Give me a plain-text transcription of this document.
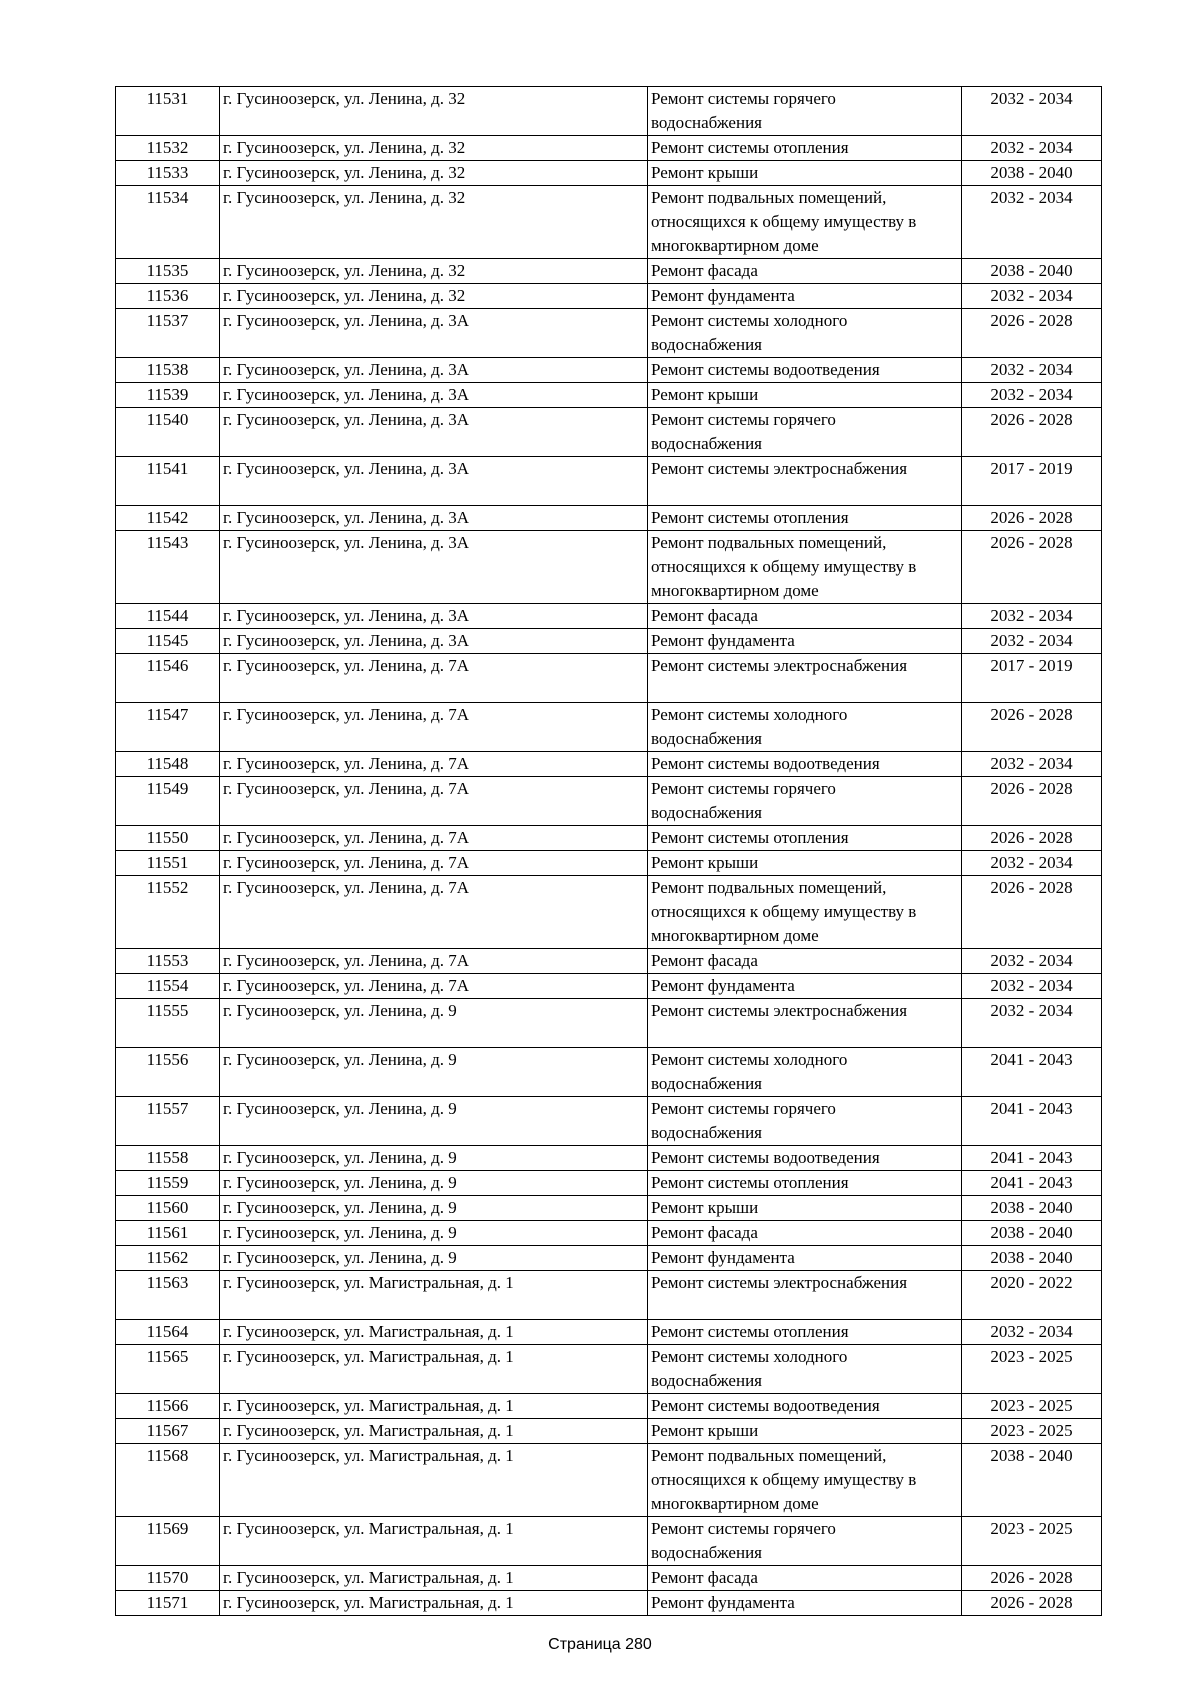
11531	г. Гусиноозерск, ул. Ленина, д. 32	Ремонт системы горячего
водоснабжения	2032 - 2034
11532	г. Гусиноозерск, ул. Ленина, д. 32	Ремонт системы отопления	2032 - 2034
11533	г. Гусиноозерск, ул. Ленина, д. 32	Ремонт крыши	2038 - 2040
11534	г. Гусиноозерск, ул. Ленина, д. 32	Ремонт подвальных помещений,
относящихся к общему имуществу в
многоквартирном доме	2032 - 2034
11535	г. Гусиноозерск, ул. Ленина, д. 32	Ремонт фасада	2038 - 2040
11536	г. Гусиноозерск, ул. Ленина, д. 32	Ремонт фундамента	2032 - 2034
11537	г. Гусиноозерск, ул. Ленина, д. 3А	Ремонт системы холодного
водоснабжения	2026 - 2028
11538	г. Гусиноозерск, ул. Ленина, д. 3А	Ремонт системы водоотведения	2032 - 2034
11539	г. Гусиноозерск, ул. Ленина, д. 3А	Ремонт крыши	2032 - 2034
11540	г. Гусиноозерск, ул. Ленина, д. 3А	Ремонт системы горячего
водоснабжения	2026 - 2028
11541	г. Гусиноозерск, ул. Ленина, д. 3А	Ремонт системы электроснабжения	2017 - 2019
11542	г. Гусиноозерск, ул. Ленина, д. 3А	Ремонт системы отопления	2026 - 2028
11543	г. Гусиноозерск, ул. Ленина, д. 3А	Ремонт подвальных помещений,
относящихся к общему имуществу в
многоквартирном доме	2026 - 2028
11544	г. Гусиноозерск, ул. Ленина, д. 3А	Ремонт фасада	2032 - 2034
11545	г. Гусиноозерск, ул. Ленина, д. 3А	Ремонт фундамента	2032 - 2034
11546	г. Гусиноозерск, ул. Ленина, д. 7А	Ремонт системы электроснабжения	2017 - 2019
11547	г. Гусиноозерск, ул. Ленина, д. 7А	Ремонт системы холодного
водоснабжения	2026 - 2028
11548	г. Гусиноозерск, ул. Ленина, д. 7А	Ремонт системы водоотведения	2032 - 2034
11549	г. Гусиноозерск, ул. Ленина, д. 7А	Ремонт системы горячего
водоснабжения	2026 - 2028
11550	г. Гусиноозерск, ул. Ленина, д. 7А	Ремонт системы отопления	2026 - 2028
11551	г. Гусиноозерск, ул. Ленина, д. 7А	Ремонт крыши	2032 - 2034
11552	г. Гусиноозерск, ул. Ленина, д. 7А	Ремонт подвальных помещений,
относящихся к общему имуществу в
многоквартирном доме	2026 - 2028
11553	г. Гусиноозерск, ул. Ленина, д. 7А	Ремонт фасада	2032 - 2034
11554	г. Гусиноозерск, ул. Ленина, д. 7А	Ремонт фундамента	2032 - 2034
11555	г. Гусиноозерск, ул. Ленина, д. 9	Ремонт системы электроснабжения	2032 - 2034
11556	г. Гусиноозерск, ул. Ленина, д. 9	Ремонт системы холодного
водоснабжения	2041 - 2043
11557	г. Гусиноозерск, ул. Ленина, д. 9	Ремонт системы горячего
водоснабжения	2041 - 2043
11558	г. Гусиноозерск, ул. Ленина, д. 9	Ремонт системы водоотведения	2041 - 2043
11559	г. Гусиноозерск, ул. Ленина, д. 9	Ремонт системы отопления	2041 - 2043
11560	г. Гусиноозерск, ул. Ленина, д. 9	Ремонт крыши	2038 - 2040
11561	г. Гусиноозерск, ул. Ленина, д. 9	Ремонт фасада	2038 - 2040
11562	г. Гусиноозерск, ул. Ленина, д. 9	Ремонт фундамента	2038 - 2040
11563	г. Гусиноозерск, ул. Магистральная, д. 1	Ремонт системы электроснабжения	2020 - 2022
11564	г. Гусиноозерск, ул. Магистральная, д. 1	Ремонт системы отопления	2032 - 2034
11565	г. Гусиноозерск, ул. Магистральная, д. 1	Ремонт системы холодного
водоснабжения	2023 - 2025
11566	г. Гусиноозерск, ул. Магистральная, д. 1	Ремонт системы водоотведения	2023 - 2025
11567	г. Гусиноозерск, ул. Магистральная, д. 1	Ремонт крыши	2023 - 2025
11568	г. Гусиноозерск, ул. Магистральная, д. 1	Ремонт подвальных помещений,
относящихся к общему имуществу в
многоквартирном доме	2038 - 2040
11569	г. Гусиноозерск, ул. Магистральная, д. 1	Ремонт системы горячего
водоснабжения	2023 - 2025
11570	г. Гусиноозерск, ул. Магистральная, д. 1	Ремонт фасада	2026 - 2028
11571	г. Гусиноозерск, ул. Магистральная, д. 1	Ремонт фундамента	2026 - 2028
Страница 280
